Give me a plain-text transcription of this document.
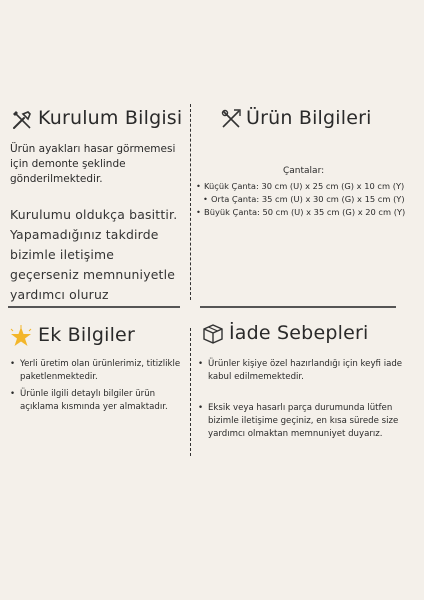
Kurulum Bilgisi
Ürün ayakları hasar görmemesi için demonte şeklinde gönderilmektedir.
Kurulumu oldukça basittir. Yapamadığınız takdirde bizimle iletişime geçerseniz memnuniyetle yardımcı oluruz
Ürün Bilgileri
Çantalar:
• Küçük Çanta: 30 cm (U) x 25 cm (G) x 10 cm (Y)
• Orta Çanta: 35 cm (U) x 30 cm (G) x 15 cm (Y)
• Büyük Çanta: 50 cm (U) x 35 cm (G) x 20 cm (Y)
Ek Bilgiler
• Yerli üretim olan ürünlerimiz, titizlikle paketlenmektedir.
• Ürünle ilgili detaylı bilgiler ürün açıklama kısmında yer almaktadır.
İade Sebepleri
• Ürünler kişiye özel hazırlandığı için keyfi iade kabul edilmemektedir.
• Eksik veya hasarlı parça durumunda lütfen bizimle iletişime geçiniz, en kısa sürede size yardımcı olmaktan memnuniyet duyarız.
